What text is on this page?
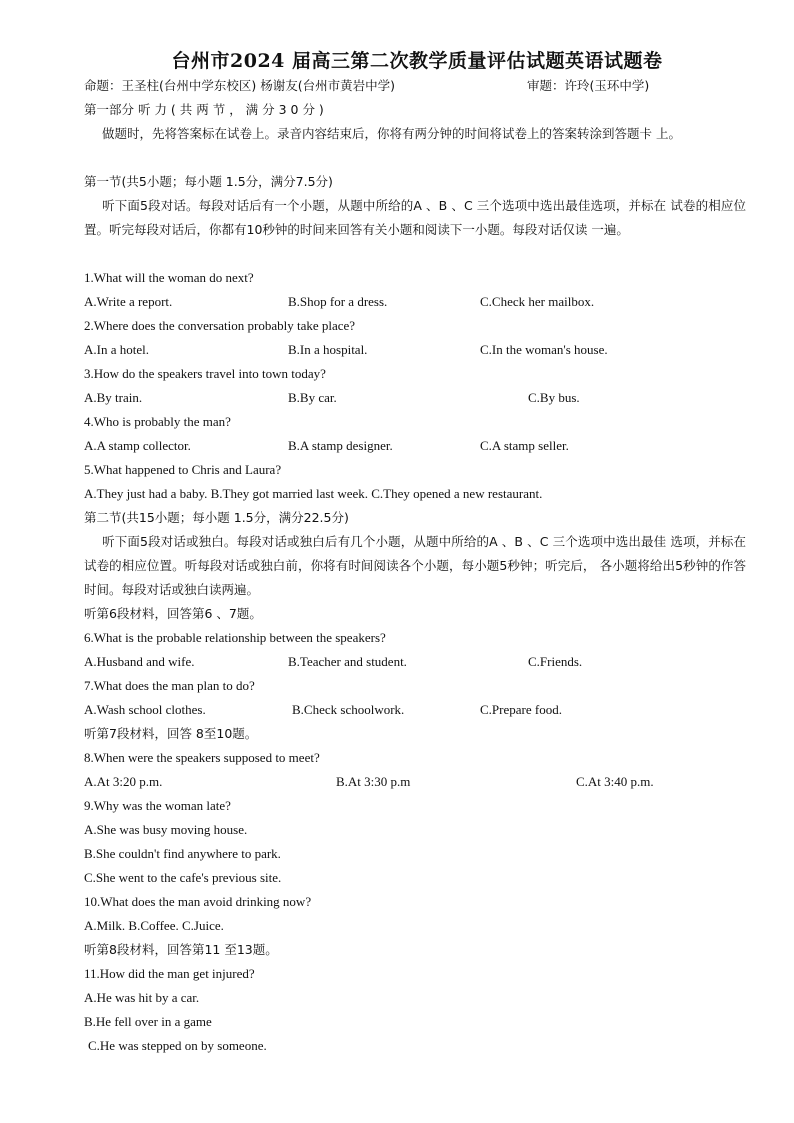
台州市2024 届高三第二次教学质量评估试题英语试题卷
命题：王圣柱(台州中学东校区) 杨谢友(台州市黄岩中学)	审题：许玲(玉环中学)
第一部分 听 力 ( 共 两 节 ， 满 分 3 0 分 )
做题时，先将答案标在试卷上。录音内容结束后，你将有两分钟的时间将试卷上的答案转涂到答题卡 上。
第一节(共5小题；每小题 1.5分，满分7.5分)
听下面5段对话。每段对话后有一个小题，从题中所给的A 、B 、C 三个选项中选出最佳选项，并标在 试卷的相应位置。听完每段对话后，你都有10秒钟的时间来回答有关小题和阅读下一小题。每段对话仅读 一遍。
1.What will the woman do next?
A.Write a report.	B.Shop for a dress.	C.Check her mailbox.
2.Where does the conversation probably take place?
A.In a hotel.	B.In a hospital.	C.In the woman's house.
3.How do the speakers travel into town today?
A.By train.	B.By car.	C.By bus.
4.Who is probably the man?
A.A stamp collector.	B.A stamp designer.	C.A stamp seller.
5.What happened to Chris and Laura?
A.They just had a baby. B.They got married last week. C.They opened a new restaurant.
第二节(共15小题；每小题 1.5分，满分22.5分)
听下面5段对话或独白。每段对话或独白后有几个小题，从题中所给的A 、B 、C 三个选项中选出最佳 选项，并标在试卷的相应位置。听每段对话或独白前，你将有时间阅读各个小题，每小题5秒钟；听完后， 各小题将给出5秒钟的作答时间。每段对话或独白读两遍。
听第6段材料，回答第6 、7题。
6.What is the probable relationship between the speakers?
A.Husband and wife.	B.Teacher and student.	C.Friends.
7.What does the man plan to do?
A.Wash school clothes.	B.Check schoolwork.	C.Prepare food.
听第7段材料，回答 8至10题。
8.When were the speakers supposed to meet?
A.At 3:20 p.m.	B.At 3:30 p.m	C.At 3:40 p.m.
9.Why was the woman late?
A.She was busy moving house.
B.She couldn't find anywhere to park.
C.She went to the cafe's previous site.
10.What does the man avoid drinking now?
A.Milk. B.Coffee. C.Juice.
听第8段材料，回答第11 至13题。
11.How did the man get injured?
A.He was hit by a car.
B.He fell over in a game
C.He was stepped on by someone.
